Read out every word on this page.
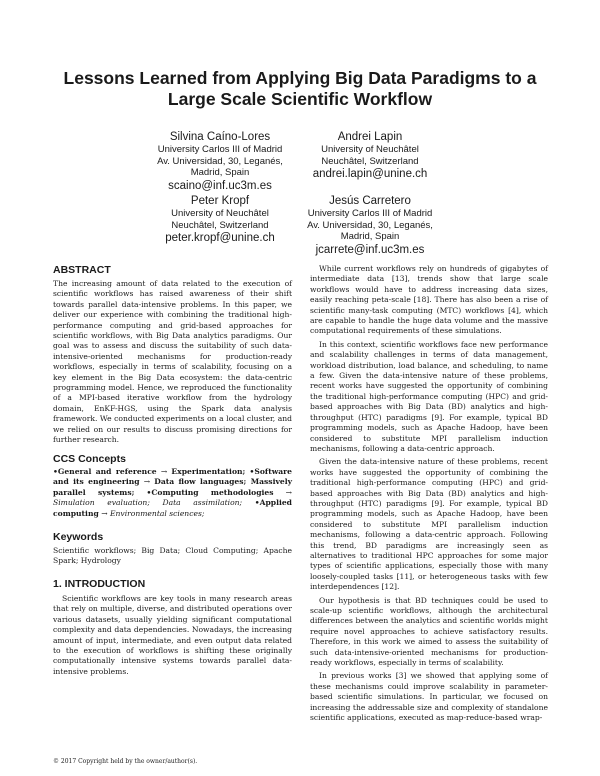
Lessons Learned from Applying Big Data Paradigms to a
Large Scale Scientific Workflow
Silvina Caíno-Lores
University Carlos III of Madrid
Av. Universidad, 30, Leganés,
Madrid, Spain
scaino@inf.uc3m.es
Andrei Lapin
University of Neuchâtel
Neuchâtel, Switzerland
andrei.lapin@unine.ch
Peter Kropf
University of Neuchâtel
Neuchâtel, Switzerland
peter.kropf@unine.ch
Jesús Carretero
University Carlos III of Madrid
Av. Universidad, 30, Leganés,
Madrid, Spain
jcarrete@inf.uc3m.es
ABSTRACT

The increasing amount of data related to the execution of scientific workflows has raised awareness of their shift towards parallel data-intensive problems. In this paper, we deliver our experience with combining the traditional high-performance computing and grid-based approaches for scientific workflows, with Big Data analytics paradigms. Our goal was to assess and discuss the suitability of such data-intensive-oriented mechanisms for production-ready workflows, especially in terms of scalability, focusing on a key element in the Big Data ecosystem: the data-centric programming model. Hence, we reproduced the functionality of a MPI-based iterative workflow from the hydrology domain, EnKF-HGS, using the Spark data analysis framework. We conducted experiments on a local cluster, and we relied on our results to discuss promising directions for further research.

CCS Concepts

•General and reference → Experimentation; •Software and its engineering → Data flow languages; Massively parallel systems; •Computing methodologies → Simulation evaluation; Data assimilation; •Applied computing → Environmental sciences;

Keywords

Scientific workflows; Big Data; Cloud Computing; Apache Spark; Hydrology

1. INTRODUCTION

Scientific workflows are key tools in many research areas that rely on multiple, diverse, and distributed operations over various datasets, usually yielding significant computational complexity and data dependencies. Nowadays, the increasing amount of input, intermediate, and even output data related to the execution of workflows is shifting these originally computationally intensive systems towards parallel data-intensive problems.

© 2017 Copyright held by the owner/author(s).

While current workflows rely on hundreds of gigabytes of intermediate data [13], trends show that large scale workflows would have to address increasing data sizes, easily reaching peta-scale [18]. There has also been a rise of scientific many-task computing (MTC) workflows [4], which are capable to handle the huge data volume and the massive computational requirements of these simulations.

In this context, scientific workflows face new performance and scalability challenges in terms of data management, workload distribution, load balance, and scheduling, to name a few. Given the data-intensive nature of these problems, recent works have suggested the opportunity of combining the traditional high-performance computing (HPC) and grid-based approaches with Big Data (BD) analytics and high-throughput (HTC) paradigms [9]. For example, typical BD programming models, such as Apache Hadoop, have been considered to substitute MPI parallelism induction mechanisms, following a data-centric approach.

Given the data-intensive nature of these problems, recent works have suggested the opportunity of combining the traditional high-performance computing (HPC) and grid-based approaches with Big Data (BD) analytics and high-throughput (HTC) paradigms [9]. For example, typical BD programming models, such as Apache Hadoop, have been considered to substitute MPI parallelism induction mechanisms, following a data-centric approach. Following this trend, BD paradigms are increasingly seen as alternatives to traditional HPC approaches for some major types of scientific applications, especially those with many loosely-coupled tasks [11], or heterogeneous tasks with few interdependences [12].

Our hypothesis is that BD techniques could be used to scale-up scientific workflows, although the architectural differences between the analytics and scientific worlds might require novel approaches to achieve satisfactory results. Therefore, in this work we aimed to assess the suitability of such data-intensive-oriented mechanisms for production-ready workflows, especially in terms of scalability.

In previous works [3] we showed that applying some of these mechanisms could improve scalability in parameter-based scientific simulations. In particular, we focused on increasing the addressable size and complexity of standalone scientific applications, executed as map-reduce-based wrap-
